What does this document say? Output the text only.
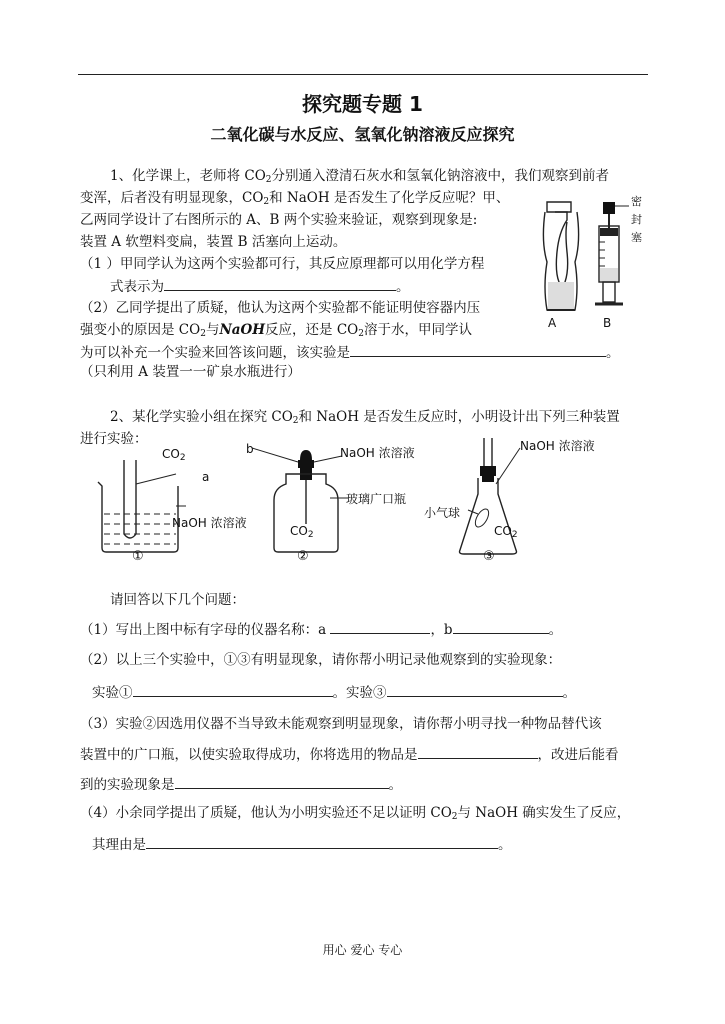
探究题专题 1
二氧化碳与水反应、氢氧化钠溶液反应探究
1、化学课上，老师将 $CO_2$分别通入澄清石灰水和氢氧化钠溶液中，我们观察到前者
变浑，后者没有明显现象，$CO_2$和 NaOH 是否发生了化学反应呢？甲、
乙两同学设计了右图所示的 A、B 两个实验来验证，观察到现象是:
装置 A 软塑料变扁，装置 B 活塞向上运动。
（1 ）甲同学认为这两个实验都可行，其反应原理都可以用化学方程
式表示为	。
（2）乙同学提出了质疑，他认为这两个实验都不能证明使容器内压
强变小的原因是 $CO_2$与NaOH反应，还是 $CO_2$溶于水，甲同学认
为可以补充一个实验来回答该问题，该实验是	。
（只利用 A 装置一一矿泉水瓶进行）
密
封
塞
A	B
2、某化学实验小组在探究 $CO_2$和 NaOH 是否发生反应时，小明设计出下列三种装置
进行实验：
$CO_2$
a
NaOH 浓溶液
①
b	NaOH 浓溶液
玻璃广口瓶
$CO_2$
②
NaOH 浓溶液
小气球
$CO_2$
③
请回答以下几个问题：
（1）写出上图中标有字母的仪器名称：a	，b	。
（2）以上三个实验中，①③有明显现象，请你帮小明记录他观察到的实验现象：
实验①	。实验③	。
（3）实验②因选用仪器不当导致未能观察到明显现象，请你帮小明寻找一种物品替代该
装置中的广口瓶，以使实验取得成功，你将选用的物品是	，改进后能看
到的实验现象是	。
（4）小余同学提出了质疑，他认为小明实验还不足以证明 $CO_2$与 NaOH 确实发生了反应，
其理由是	。
用心 爱心 专心
